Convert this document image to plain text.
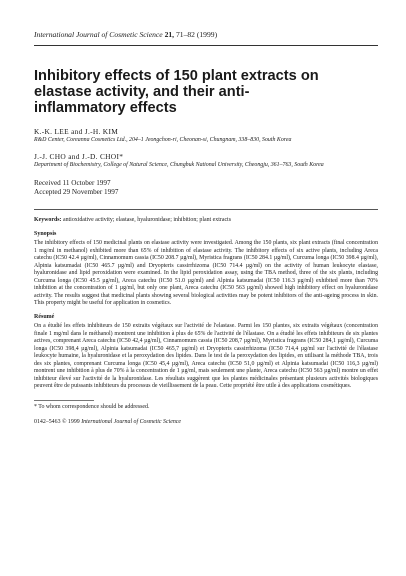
International Journal of Cosmetic Science 21, 71–82 (1999)
Inhibitory effects of 150 plant extracts on elastase activity, and their anti-inflammatory effects
K.-K. LEE and J.-H. KIM
R&D Center, Coreanna Cosmetics Ltd., 204–1 Jeongchon-ri, Cheonan-si, Chungnam, 338–830, South Korea
J.-J. CHO and J.-D. CHOI*
Department of Biochemistry, College of Natural Science, Chungbuk National University, Cheongju, 361–763, South Korea
Received 11 October 1997
Accepted 29 November 1997
Keywords: antioxidative activity; elastase, hyaluronidase; inhibition; plant extracts
Synopsis
The inhibitory effects of 150 medicinal plants on elastase activity were investigated. Among the 150 plants, six plant extracts (final concentration 1 mg/ml in methanol) exhibited more than 65% of inhibition of elastase activity. The inhibitory effects of six active plants, including Areca catechu (IC50 42.4 µg/ml), Cinnamomum cassia (IC50 208.7 µg/ml), Myristica fragrans (IC50 284.1 µg/ml), Curcuma longa (IC50 398.4 µg/ml), Alpinia katsumadai (IC50 465.7 µg/ml) and Dryopteris cassirrhizoma (IC50 714.4 µg/ml) on the activity of human leukocyte elastase, hyaluronidase and lipid peroxidation were examined. In the lipid peroxidation assay, using the TBA method, three of the six plants, including Curcuma longa (IC50 45.5 µg/ml), Areca catechu (IC50 51.0 µg/ml) and Alpinia katsumadai (IC50 116.3 µg/ml) exhibited more than 70% inhibition at the concentration of 1 µg/ml, but only one plant, Areca catechu (IC50 563 µg/ml) showed high inhibitory effect on hyaluronidase activity. The results suggest that medicinal plants showing several biological activities may be potent inhibitors of the anti-ageing process in skin. This property might be useful for application in cosmetics.
Résumé
On a étudié les effets inhibiteurs de 150 extraits végétaux sur l'activité de l'elastase. Parmi les 150 plantes, six extraits végétaux (concentration finale 1 mg/ml dans le méthanol) montrent une inhibition à plus de 65% de l'activité de l'élastase. On a étudié les effets inhibiteurs de six plantes actives, comprenant Areca catechu (IC50 42,4 µg/ml), Cinnamomum cassia (IC50 208,7 µg/ml), Myristica fragrans (IC50 284,1 µg/ml), Curcuma longa (IC50 398,4 µg/ml), Alpinia katsumadai (IC50 465,7 µg/ml) et Dryopteris cassirrhizoma (IC50 714,4 µg/ml sur l'activité de l'élastase leukocyte humaine, la hyaluronidase et la peroxydation des lipides. Dans le test de la peroxydation des lipides, en utilisant la méthode TBA, trois des six plantes, comprenant Curcuma longa (IC50 45,4 µg/ml), Areca catechu (IC50 51,0 µg/ml) et Alpinia katsumadai (IC50 116,3 µg/ml) montrent une inhibition à plus de 70% à la concentration de 1 µg/ml, mais seulement une plante, Areca catechu (IC50 563 µg/ml) montre un effet inhibiteur élevé sur l'activité de la hyaluronidase. Les résultats suggèrent que les plantes médicinales présentant plusieurs activités biologiques peuvent être de puissants inhibiteurs du processus de vieillissement de la peau. Cette propriété être utile à des applications cosmétiques.
* To whom correspondence should be addressed.
0142–5463 © 1999 International Journal of Cosmetic Science
